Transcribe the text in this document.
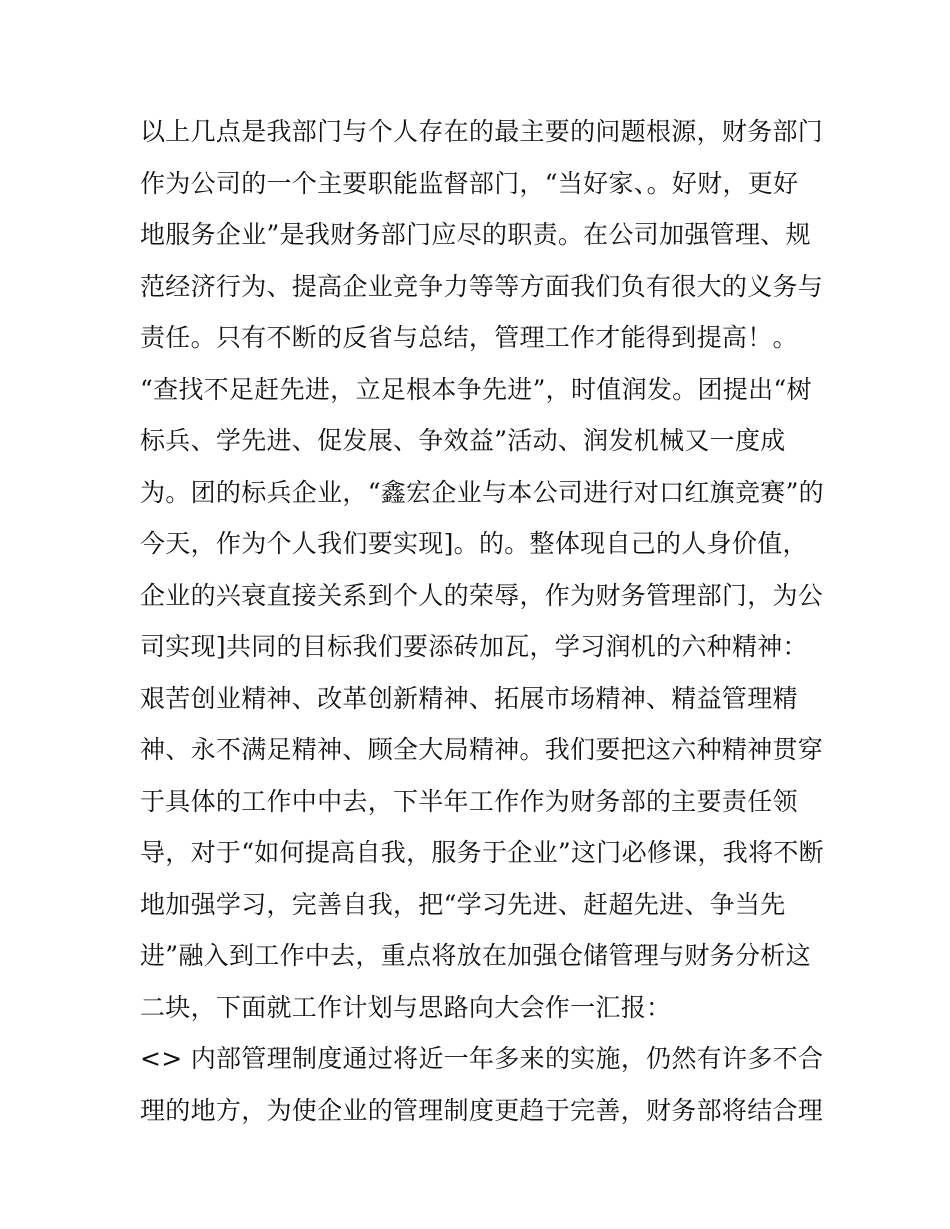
以上几点是我部门与个人存在的最主要的问题根源，财务部门
作为公司的一个主要职能监督部门，“当好家、。好财，更好
地服务企业”是我财务部门应尽的职责。在公司加强管理、规
范经济行为、提高企业竞争力等等方面我们负有很大的义务与
责任。只有不断的反省与总结，管理工作才能得到提高！。
“查找不足赶先进，立足根本争先进”，时值润发。团提出“树
标兵、学先进、促发展、争效益”活动、润发机械又一度成
为。团的标兵企业，“鑫宏企业与本公司进行对口红旗竞赛”的
今天，作为个人我们要实现]。的。整体现自己的人身价值，
企业的兴衰直接关系到个人的荣辱，作为财务管理部门，为公
司实现]共同的目标我们要添砖加瓦，学习润机的六种精神：
艰苦创业精神、改革创新精神、拓展市场精神、精益管理精
神、永不满足精神、顾全大局精神。我们要把这六种精神贯穿
于具体的工作中中去，下半年工作作为财务部的主要责任领
导，对于“如何提高自我，服务于企业”这门必修课，我将不断
地加强学习，完善自我，把“学习先进、赶超先进、争当先
进”融入到工作中去，重点将放在加强仓储管理与财务分析这
二块，下面就工作计划与思路向大会作一汇报：
<> 内部管理制度通过将近一年多来的实施，仍然有许多不合
理的地方，为使企业的管理制度更趋于完善，财务部将结合理
